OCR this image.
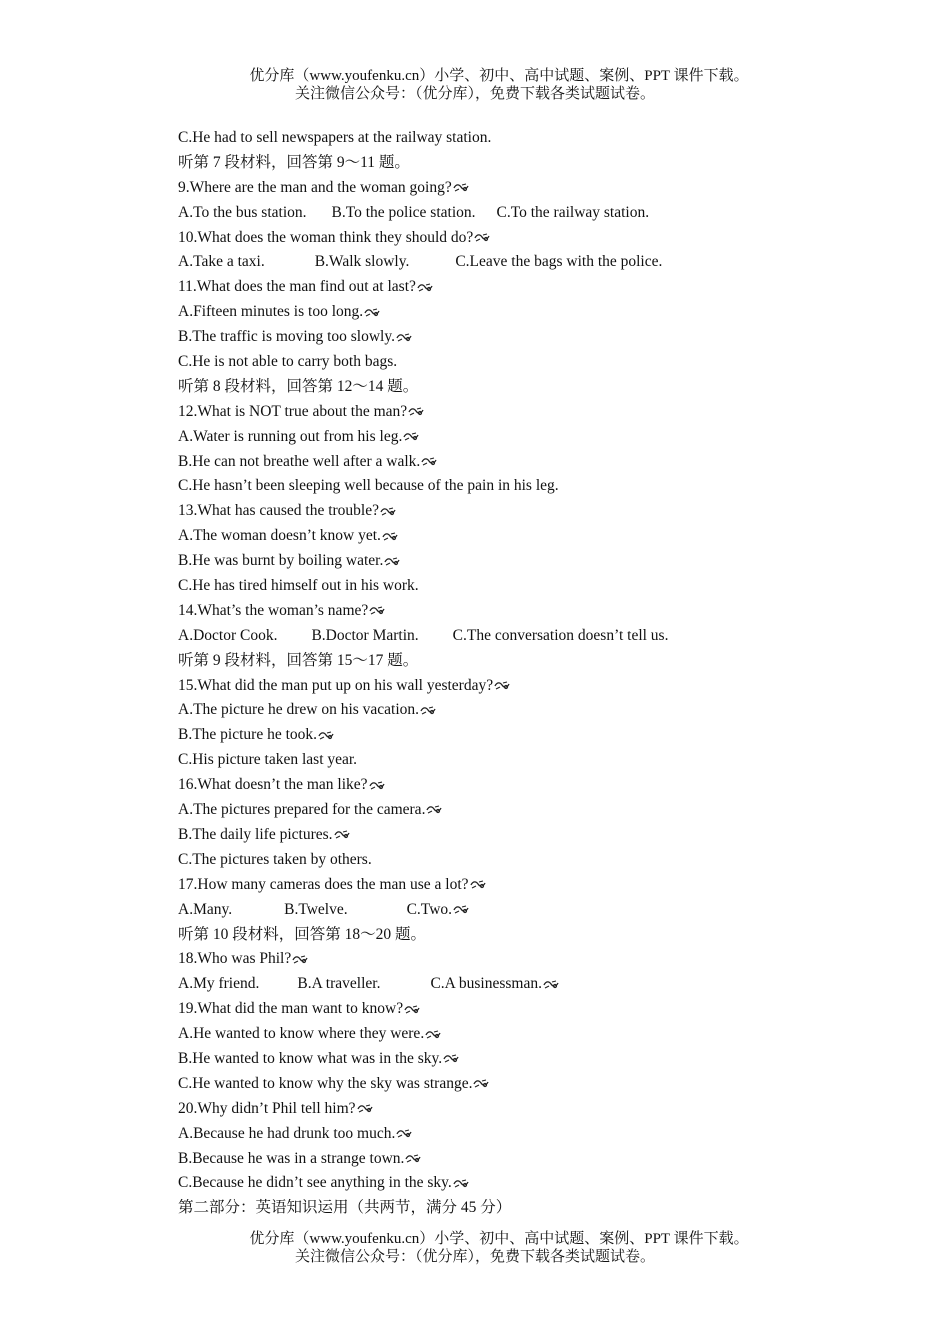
优分库（www.youfenku.cn）小学、初中、高中试题、案例、PPT 课件下载。
关注微信公众号：（优分库），免费下载各类试题试卷。
C.He had to sell newspapers at the railway station.
听第 7 段材料，回答第 9～11 题。
9.Where are the man and the woman going?
A.To the bus station. B.To the police station. C.To the railway station.
10.What does the woman think they should do?
A.Take a taxi.	B.Walk slowly.	C.Leave the bags with the police.
11.What does the man find out at last?
A.Fifteen minutes is too long.
B.The traffic is moving too slowly.
C.He is not able to carry both bags.
听第 8 段材料，回答第 12～14 题。
12.What is NOT true about the man?
A.Water is running out from his leg.
B.He can not breathe well after a walk.
C.He hasn’t been sleeping well because of the pain in his leg.
13.What has caused the trouble?
A.The woman doesn’t know yet.
B.He was burnt by boiling water.
C.He has tired himself out in his work.
14.What’s the woman’s name?
A.Doctor Cook. B.Doctor Martin. C.The conversation doesn’t tell us.
听第 9 段材料，回答第 15～17 题。
15.What did the man put up on his wall yesterday?
A.The picture he drew on his vacation.
B.The picture he took.
C.His picture taken last year.
16.What doesn’t the man like?
A.The pictures prepared for the camera.
B.The daily life pictures.
C.The pictures taken by others.
17.How many cameras does the man use a lot?
A.Many.	B.Twelve.	C.Two.
听第 10 段材料，回答第 18～20 题。
18.Who was Phil?
A.My friend. B.A traveller.	C.A businessman.
19.What did the man want to know?
A.He wanted to know where they were.
B.He wanted to know what was in the sky.
C.He wanted to know why the sky was strange.
20.Why didn’t Phil tell him?
A.Because he had drunk too much.
B.Because he was in a strange town.
C.Because he didn’t see anything in the sky.
第二部分：英语知识运用（共两节，满分 45 分）
优分库（www.youfenku.cn）小学、初中、高中试题、案例、PPT 课件下载。
关注微信公众号：（优分库），免费下载各类试题试卷。
